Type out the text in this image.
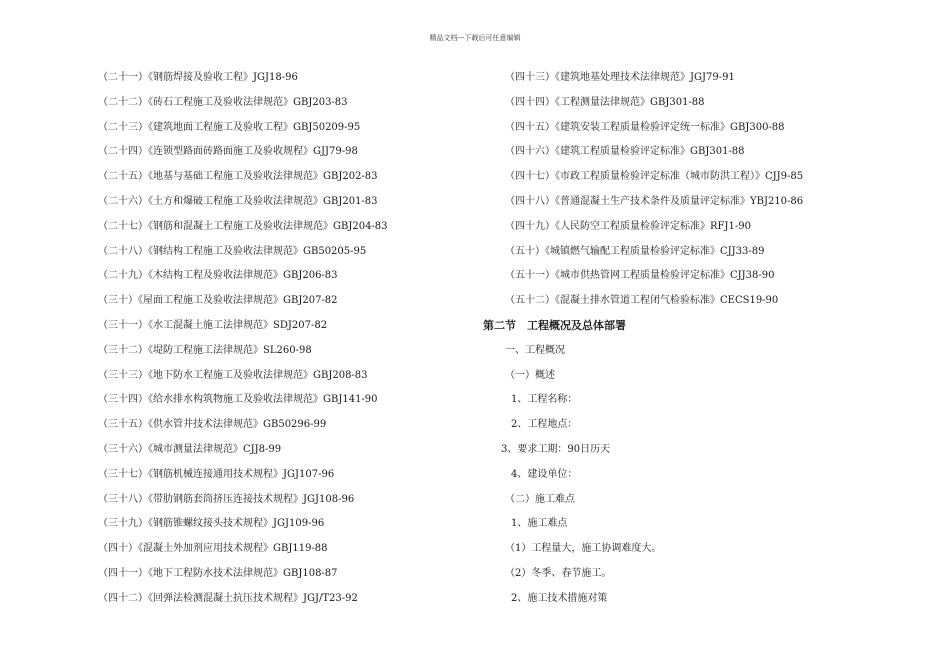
精品文档---下载后可任意编辑
（二十一）《钢筋焊接及验收工程》JGJ18-96
（二十二）《砖石工程施工及验收法律规范》GBJ203-83
（二十三）《建筑地面工程施工及验收工程》GBJ50209-95
（二十四）《连锁型路面砖路面施工及验收规程》GJJ79-98
（二十五）《地基与基础工程施工及验收法律规范》GBJ202-83
（二十六）《土方和爆破工程施工及验收法律规范》GBJ201-83
（二十七）《钢筋和混凝土工程施工及验收法律规范》GBJ204-83
（二十八）《钢结构工程施工及验收法律规范》GB50205-95
（二十九）《木结构工程及验收法律规范》GBJ206-83
（三十）《屋面工程施工及验收法律规范》GBJ207-82
（三十一）《水工混凝土施工法律规范》SDJ207-82
（三十二）《堤防工程施工法律规范》SL260-98
（三十三）《地下防水工程施工及验收法律规范》GBJ208-83
（三十四）《给水排水构筑物施工及验收法律规范》GBJ141-90
（三十五）《供水管井技术法律规范》GB50296-99
（三十六）《城市测量法律规范》CJJ8-99
（三十七）《钢筋机械连接通用技术规程》JGJ107-96
（三十八）《带肋钢筋套筒挤压连接技术规程》JGJ108-96
（三十九）《钢筋锥螺纹接头技术规程》JGJ109-96
（四十）《混凝土外加剂应用技术规程》GBJ119-88
（四十一）《地下工程防水技术法律规范》GBJ108-87
（四十二）《回弹法检测混凝土抗压技术规程》JGJ/T23-92
（四十三）《建筑地基处理技术法律规范》JGJ79-91
（四十四）《工程测量法律规范》GBJ301-88
（四十五）《建筑安装工程质量检验评定统一标准》GBJ300-88
（四十六）《建筑工程质量检验评定标准》GBJ301-88
（四十七）《市政工程质量检验评定标准（城市防洪工程）》CJJ9-85
（四十八）《普通混凝土生产技术条件及质量评定标准》YBJ210-86
（四十九）《人民防空工程质量检验评定标准》RFJ1-90
（五十）《城镇燃气输配工程质量检验评定标准》CJJ33-89
（五十一）《城市供热管网工程质量检验评定标准》CJJ38-90
（五十二）《混凝土排水管道工程闭气检验标准》CECS19-90
第二节　工程概况及总体部署
一、工程概况
（一）概述
1、工程名称：
2、工程地点：
3、要求工期：90日历天
4、建设单位：
（二）施工难点
1、施工难点
（1）工程量大，施工协调难度大。
（2）冬季、春节施工。
2、施工技术措施对策
